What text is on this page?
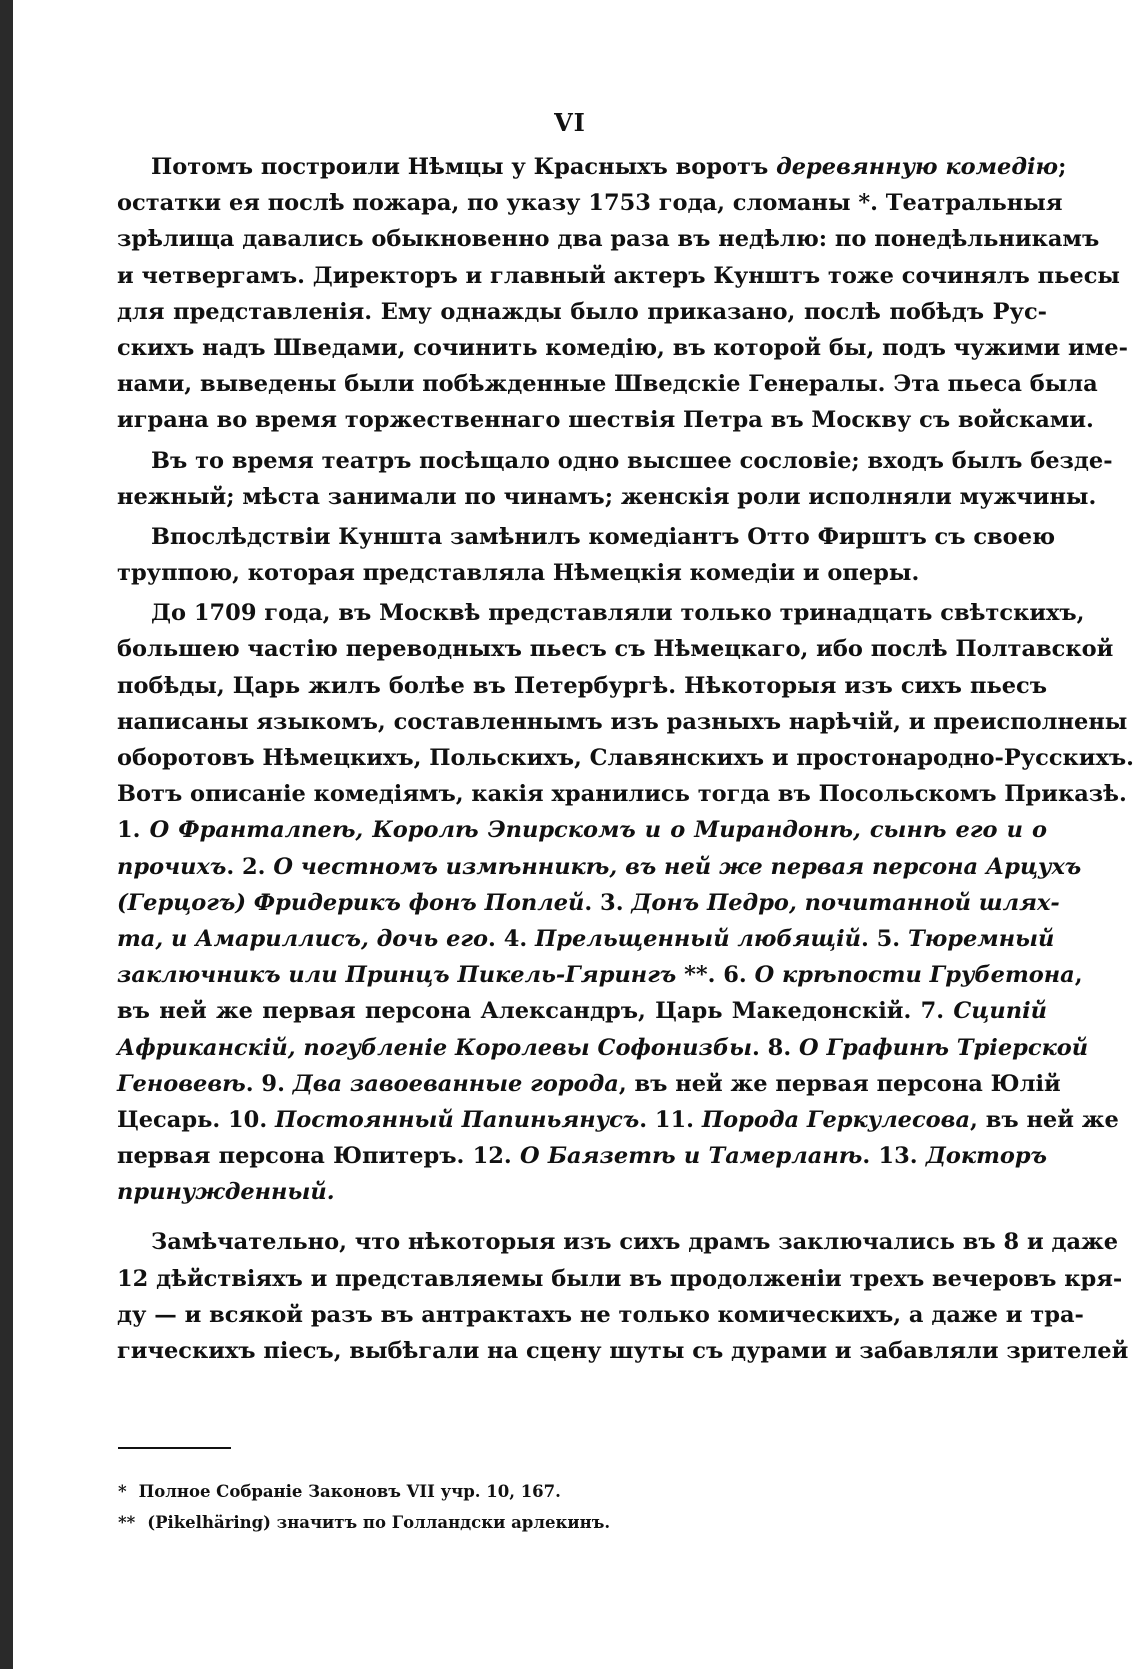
VI
Потомъ построили Нѣмцы у Красныхъ воротъ деревянную комедію;
остатки ея послѣ пожара, по указу 1753 года, сломаны *. Театральныя
зрѣлища давались обыкновенно два раза въ недѣлю: по понедѣльникамъ
и четвергамъ. Директоръ и главный актеръ Кунштъ тоже сочинялъ пьесы
для представленія. Ему однажды было приказано, послѣ побѣдъ Рус-
скихъ надъ Шведами, сочинить комедію, въ которой бы, подъ чужими име-
нами, выведены были побѣжденные Шведскіе Генералы. Эта пьеса была
играна во время торжественнаго шествія Петра въ Москву съ войсками.
Въ то время театръ посѣщало одно высшее сословіе; входъ былъ безде-
нежный; мѣста занимали по чинамъ; женскія роли исполняли мужчины.
Впослѣдствіи Кунштa замѣнилъ комедіантъ Отто Фирштъ съ своею
труппою, которая представляла Нѣмецкія комедіи и оперы.
До 1709 года, въ Москвѣ представляли только тринадцать свѣтскихъ,
большею частію переводныхъ пьесъ съ Нѣмецкаго, ибо послѣ Полтавской
побѣды, Царь жилъ болѣе въ Петербургѣ. Нѣкоторыя изъ сихъ пьесъ
написаны языкомъ, составленнымъ изъ разныхъ нарѣчій, и преисполнены
оборотовъ Нѣмецкихъ, Польскихъ, Славянскихъ и простонародно-Русскихъ.
Вотъ описаніе комедіямъ, какія хранились тогда въ Посольскомъ Приказѣ.
1. О Франталпеѣ, Королѣ Эпирскомъ и о Мирандонѣ, сынѣ его и о
прочихъ. 2. О честномъ измѣнникѣ, въ ней же первая персона Арцухъ
(Герцогъ) Фридерикъ фонъ Поплей. 3. Донъ Педро, почитанной шлях-
та, и Амариллисъ, дочь его. 4. Прельщенный любящій. 5. Тюремный
заключникъ или Принцъ Пикель-Гярингъ **. 6. О крѣпости Грубетона,
въ ней же первая персона Александръ, Царь Македонскій. 7. Сципій
Африканскій, погубленіе Королевы Софонизбы. 8. О Графинѣ Тріерской
Геновевѣ. 9. Два завоеванные города, въ ней же первая персона Юлій
Цесарь. 10. Постоянный Папиньянусъ. 11. Порода Геркулесова, въ ней же
первая персона Юпитеръ. 12. О Баязетѣ и Тамерланѣ. 13. Докторъ
принужденный.
Замѣчательно, что нѣкоторыя изъ сихъ драмъ заключались въ 8 и даже
12 дѣйствіяхъ и представляемы были въ продолженіи трехъ вечеровъ кря-
ду — и всякой разъ въ антрактахъ не только комическихъ, а даже и тра-
гическихъ піесъ, выбѣгали на сцену шуты съ дурами и забавляли зрителей
* Полное Собраніе Законовъ VII учр. 10, 167.
** (Pikelhäring) значитъ по Голландски арлекинъ.
